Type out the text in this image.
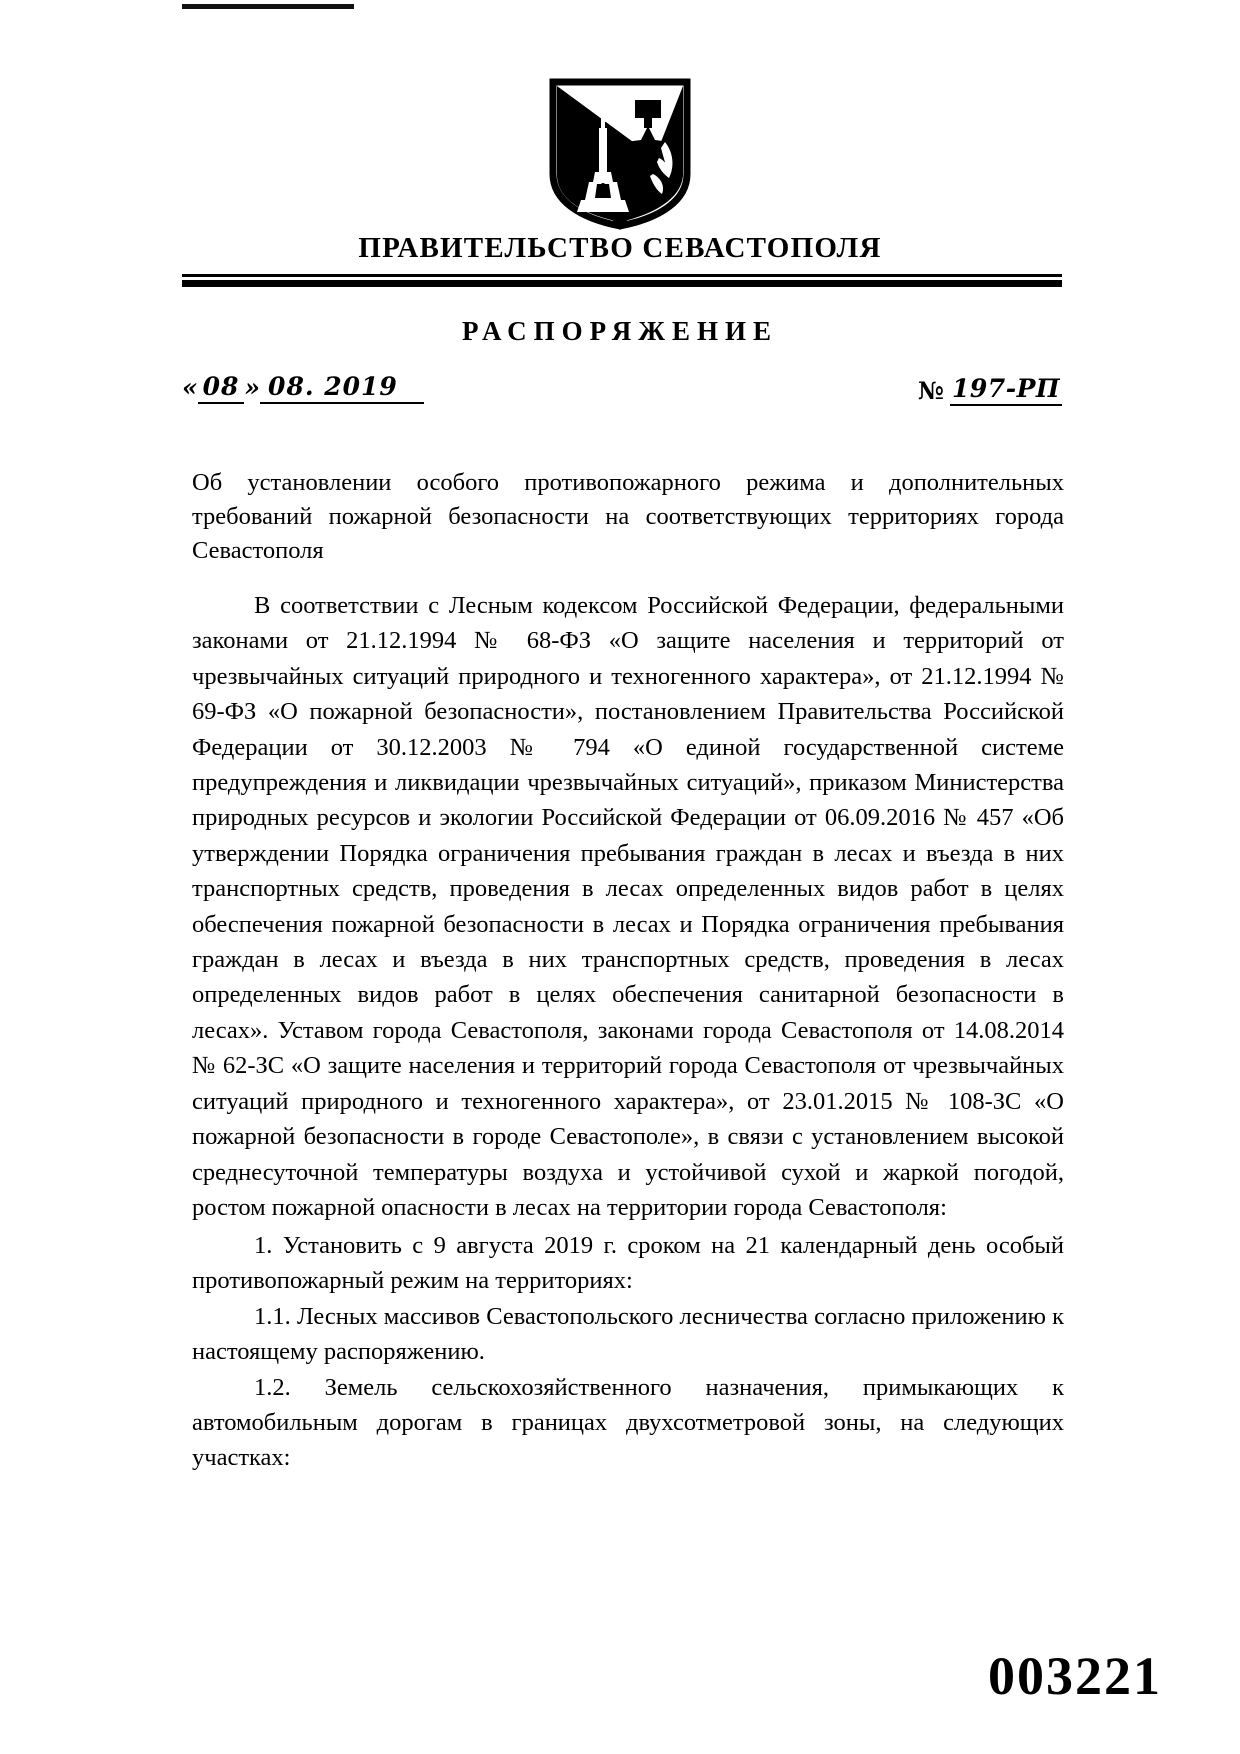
ПРАВИТЕЛЬСТВО СЕВАСТОПОЛЯ
РАСПОРЯЖЕНИЕ
« 08 » 08. 2019	№ 197-РП
Об установлении особого противопожарного режима и дополнительных требований пожарной безопасности на соответствующих территориях города Севастополя
В соответствии с Лесным кодексом Российской Федерации, федеральными законами от 21.12.1994 № 68-ФЗ «О защите населения и территорий от чрезвычайных ситуаций природного и техногенного характера», от 21.12.1994 № 69-ФЗ «О пожарной безопасности», постановлением Правительства Российской Федерации от 30.12.2003 № 794 «О единой государственной системе предупреждения и ликвидации чрезвычайных ситуаций», приказом Министерства природных ресурсов и экологии Российской Федерации от 06.09.2016 № 457 «Об утверждении Порядка ограничения пребывания граждан в лесах и въезда в них транспортных средств, проведения в лесах определенных видов работ в целях обеспечения пожарной безопасности в лесах и Порядка ограничения пребывания граждан в лесах и въезда в них транспортных средств, проведения в лесах определенных видов работ в целях обеспечения санитарной безопасности в лесах». Уставом города Севастополя, законами города Севастополя от 14.08.2014 № 62-ЗС «О защите населения и территорий города Севастополя от чрезвычайных ситуаций природного и техногенного характера», от 23.01.2015 № 108-ЗС «О пожарной безопасности в городе Севастополе», в связи с установлением высокой среднесуточной температуры воздуха и устойчивой сухой и жаркой погодой, ростом пожарной опасности в лесах на территории города Севастополя:

1. Установить с 9 августа 2019 г. сроком на 21 календарный день особый противопожарный режим на территориях:

1.1. Лесных массивов Севастопольского лесничества согласно приложению к настоящему распоряжению.

1.2. Земель сельскохозяйственного назначения, примыкающих к автомобильным дорогам в границах двухсотметровой зоны, на следующих участках:

003221
